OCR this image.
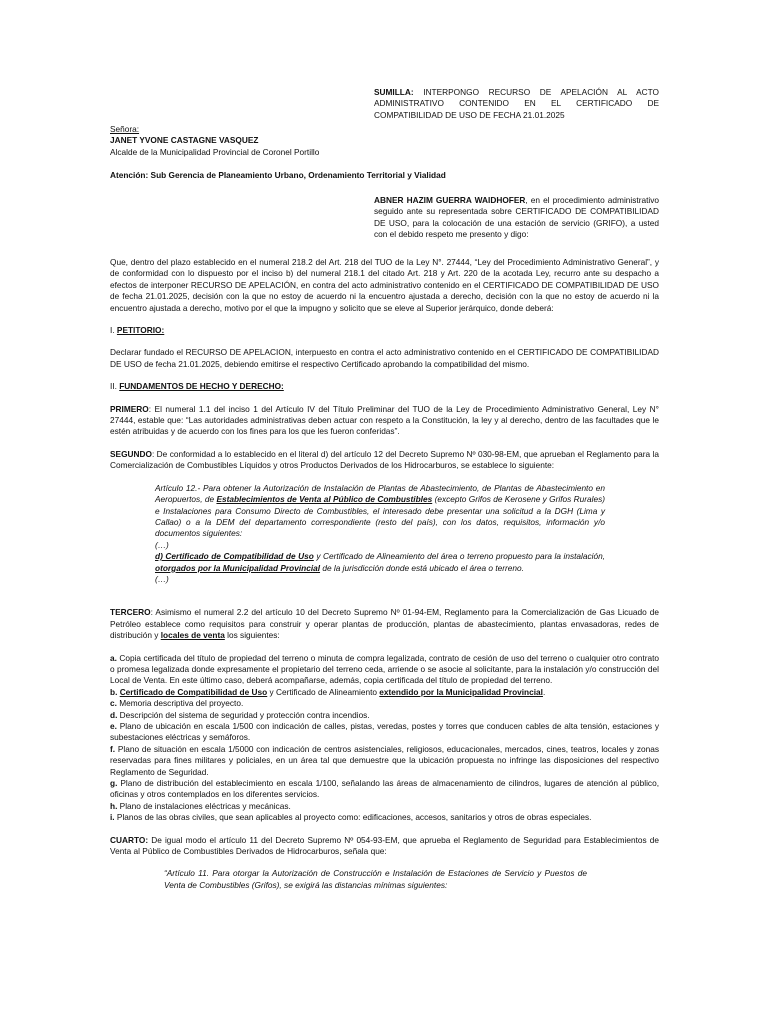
SUMILLA: INTERPONGO RECURSO DE APELACIÓN AL ACTO ADMINISTRATIVO CONTENIDO EN EL CERTIFICADO DE COMPATIBILIDAD DE USO DE FECHA 21.01.2025

Señora:

JANET YVONE CASTAGNE VASQUEZ

Alcalde de la Municipalidad Provincial de Coronel Portillo

Atención: Sub Gerencia de Planeamiento Urbano, Ordenamiento Territorial y Vialidad

ABNER HAZIM GUERRA WAIDHOFER, en el procedimiento administrativo seguido ante su representada sobre CERTIFICADO DE COMPATIBILIDAD DE USO, para la colocación de una estación de servicio (GRIFO), a usted con el debido respeto me presento y digo:

Que, dentro del plazo establecido en el numeral 218.2 del Art. 218 del TUO de la Ley N°. 27444, “Ley del Procedimiento Administrativo General”, y de conformidad con lo dispuesto por el inciso b) del numeral 218.1 del citado Art. 218 y Art. 220 de la acotada Ley, recurro ante su despacho a efectos de interponer RECURSO DE APELACIÓN, en contra del acto administrativo contenido en el CERTIFICADO DE COMPATIBILIDAD DE USO de fecha 21.01.2025, decisión con la que no estoy de acuerdo ni la encuentro ajustada a derecho, decisión con la que no estoy de acuerdo ni la encuentro ajustada a derecho, motivo por el que la impugno y solicito que se eleve al Superior jerárquico, donde deberá:

I. PETITORIO:

Declarar fundado el RECURSO DE APELACION, interpuesto en contra el acto administrativo contenido en el CERTIFICADO DE COMPATIBILIDAD DE USO de fecha 21.01.2025, debiendo emitirse el respectivo Certificado aprobando la compatibilidad del mismo.

II. FUNDAMENTOS DE HECHO Y DERECHO:

PRIMERO: El numeral 1.1 del inciso 1 del Artículo IV del Título Preliminar del TUO de la Ley de Procedimiento Administrativo General, Ley N° 27444, estable que: “Las autoridades administrativas deben actuar con respeto a la Constitución, la ley y al derecho, dentro de las facultades que le estén atribuidas y de acuerdo con los fines para los que les fueron conferidas”.

SEGUNDO: De conformidad a lo establecido en el literal d) del artículo 12 del Decreto Supremo Nº 030-98-EM, que aprueban el Reglamento para la Comercialización de Combustibles Líquidos y otros Productos Derivados de los Hidrocarburos, se establece lo siguiente:

Artículo 12.- Para obtener la Autorización de Instalación de Plantas de Abastecimiento, de Plantas de Abastecimiento en Aeropuertos, de Establecimientos de Venta al Público de Combustibles (excepto Grifos de Kerosene y Grifos Rurales) e Instalaciones para Consumo Directo de Combustibles, el interesado debe presentar una solicitud a la DGH (Lima y Callao) o a la DEM del departamento correspondiente (resto del país), con los datos, requisitos, información y/o documentos siguientes:

(…)

d) Certificado de Compatibilidad de Uso y Certificado de Alineamiento del área o terreno propuesto para la instalación, otorgados por la Municipalidad Provincial de la jurisdicción donde está ubicado el área o terreno.

(…)

TERCERO: Asimismo el numeral 2.2 del artículo 10 del Decreto Supremo Nº 01-94-EM, Reglamento para la Comercialización de Gas Licuado de Petróleo establece como requisitos para construir y operar plantas de producción, plantas de abastecimiento, plantas envasadoras, redes de distribución y locales de venta los siguientes:

a. Copia certificada del título de propiedad del terreno o minuta de compra legalizada, contrato de cesión de uso del terreno o cualquier otro contrato o promesa legalizada donde expresamente el propietario del terreno ceda, arriende o se asocie al solicitante, para la instalación y/o construcción del Local de Venta. En este último caso, deberá acompañarse, además, copia certificada del título de propiedad del terreno.

b. Certificado de Compatibilidad de Uso y Certificado de Alineamiento extendido por la Municipalidad Provincial.

c. Memoria descriptiva del proyecto.

d. Descripción del sistema de seguridad y protección contra incendios.

e. Plano de ubicación en escala 1/500 con indicación de calles, pistas, veredas, postes y torres que conducen cables de alta tensión, estaciones y subestaciones eléctricas y semáforos.

f. Plano de situación en escala 1/5000 con indicación de centros asistenciales, religiosos, educacionales, mercados, cines, teatros, locales y zonas reservadas para fines militares y policiales, en un área tal que demuestre que la ubicación propuesta no infringe las disposiciones del respectivo Reglamento de Seguridad.

g. Plano de distribución del establecimiento en escala 1/100, señalando las áreas de almacenamiento de cilindros, lugares de atención al público, oficinas y otros contemplados en los diferentes servicios.

h. Plano de instalaciones eléctricas y mecánicas.

i. Planos de las obras civiles, que sean aplicables al proyecto como: edificaciones, accesos, sanitarios y otros de obras especiales.

CUARTO: De igual modo el artículo 11 del Decreto Supremo Nº 054-93-EM, que aprueba el Reglamento de Seguridad para Establecimientos de Venta al Público de Combustibles Derivados de Hidrocarburos, señala que:

“Artículo 11. Para otorgar la Autorización de Construcción e Instalación de Estaciones de Servicio y Puestos de Venta de Combustibles (Grifos), se exigirá las distancias mínimas siguientes:
